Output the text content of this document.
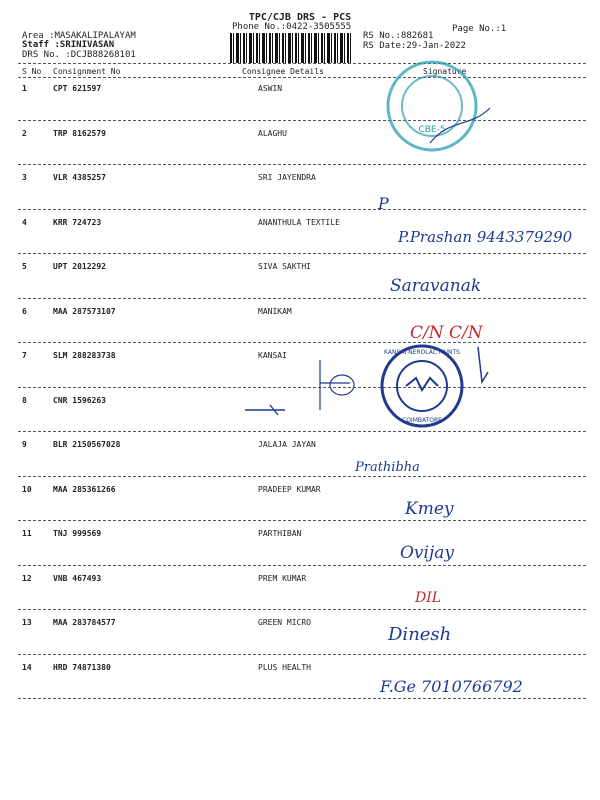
TPC/CJB DRS - PCS
Phone No.:0422-3505555	Page No.:1
Area :MASAKALIPALAYAM
Staff :SRINIVASAN
DRS No. :DCJB88268101
RS No.:882681
RS Date:29-Jan-2022
S No Consignment No	Consignee Details	Signature
1	CPT 621597	ASWIN
2	TRP 8162579	ALAGHU
3	VLR 4385257	SRI JAYENDRA
P
4	KRR 724723	ANANTHULA TEXTILE
P.Prashan 9443379290
5	UPT 2012292	SIVA SAKTHI
Saravanak
6	MAA 287573107	MANIKAM
C/N C/N
7	SLM 288283738	KANSAI
8	CNR 1596263
9	BLR 2150567028	JALAJA JAYAN
Prathibha
10	MAA 285361266	PRADEEP KUMAR
Kmey
11	TNJ 999569	PARTHIBAN
Ovijay
12	VNB 467493	PREM KUMAR
DIL
13	MAA 283784577	GREEN MICRO
Dinesh
14	HRD 74871380	PLUS HEALTH
F.Ge 7010766792
CBE-5
KANSAI NEROLAC PAINTS
COIMBATORE
